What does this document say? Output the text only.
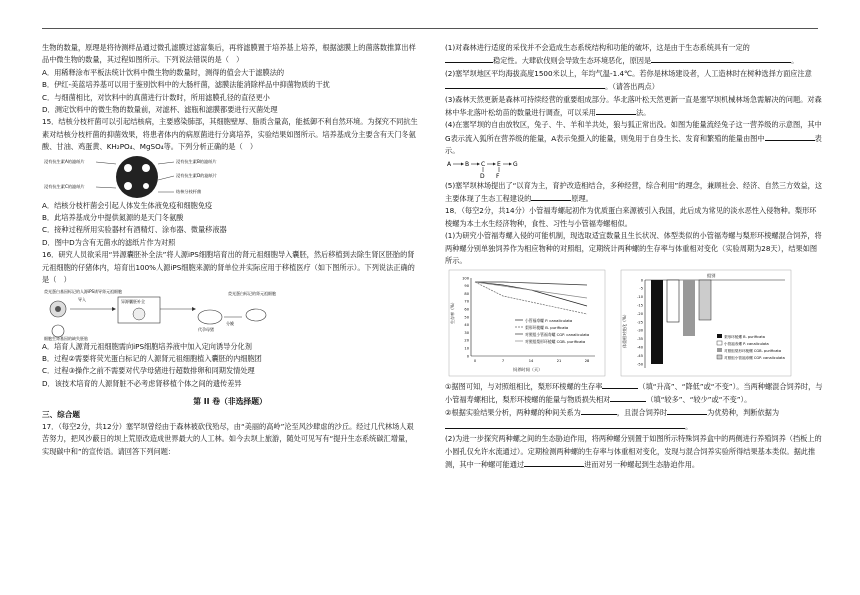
生物的数量，原理是将待测样品通过微孔滤膜过滤富集后，再将滤膜置于培养基上培养，根据滤膜上的菌落数推算出样品中微生物的数量，其过程如图所示。下列说法错误的是（　）

A．用稀释涂布平板法统计饮料中微生物的数量时，测得的值会大于滤膜法的

B．伊红-美蓝培养基可以用于鉴别饮料中的大肠杆菌，滤膜法能消除样品中抑菌物质的干扰

C．与细菌相比，对饮料中的真菌进行计数时，所用滤膜孔径的直径更小

D．测定饮料中的微生物的数量前，对滤杯、滤瓶和滤膜都要进行灭菌处理

15．结核分枝杆菌可以引起结核病，主要感染肺部，其细胞壁厚、脂质含量高，能抵御不利自然环境。为探究不同抗生素对结核分枝杆菌的抑菌效果，将患者体内的病原菌进行分离培养，实验结果如图所示。培养基成分主要含有天门冬氨酸、甘油、鸡蛋黄、KH₂PO₄、MgSO₄等。下列分析正确的是（　）

浸有抗生素A的滤纸片
浸有抗生素C的滤纸片
浸有抗生素B的滤纸片
浸有抗生素D的滤纸片
结核分枝杆菌

A．结核分枝杆菌会引起人体发生体液免疫和细胞免疫

B．此培养基成分中提供氮源的是天门冬氨酸

C．接种过程所用实验器材有酒精灯、涂布器、微量移液器

D．图中D为含有无菌水的滤纸片作为对照

16．研究人员欲采用“异源囊胚补全法”将人源iPS细胞培育出的肾元祖细胞导入囊胚，然后移植到去除生肾区胚胎的肾元祖细胞的仔猪体内，培育出100%人源iPS细胞来源的肾单位并实际应用于移植医疗（如下图所示）。下列说法正确的是（　）

荧光蛋白基因标记的人源iPS诱导肾元祖细胞
导入	异源囊胚补全
代孕母猪
荧光蛋白标记的肾元祖细胞
分娩
细胞生肾基因的缺失胚胎

A．培育人源肾元祖细胞需向iPS细胞培养液中加入定向诱导分化剂

B．过程②需要将荧光蛋白标记的人源肾元祖细胞植入囊胚的内细胞团

C．过程③操作之前不需要对代孕母猪进行超数排卵和同期发情处理

D．该技术培育的人源肾脏不必考虑肾移植个体之间的遗传差异

第 II 卷（非选择题）

三、综合题

17．（每空2分，共12分）塞罕坝曾经由于森林被砍伐殆尽，由“美丽的高岭”沦至风沙肆虐的沙丘。经过几代林场人艰苦努力，把风沙蔽日的坝上荒原改造成世界最大的人工林。如今去坝上旅游，随处可见写有“提升生态系统碳汇增量，实现碳中和”的宣传语。请回答下列问题：

(1)对森林进行适度的采伐并不会造成生态系统结构和功能的破坏，这是由于生态系统具有一定的

稳定性。大肆砍伐则会导致生态环境恶化，原因是	。

(2)塞罕坝地区平均海拔高度1500米以上，年均气温-1.4℃。若你是林场建设者，人工造林时在树种选择方面应注意。（请答出两点）

(3)森林天然更新是森林可持续经营的重要组成部分。华北落叶松天然更新一直是塞罕坝机械林场急需解决的问题。对森林中华北落叶松幼苗的数量进行调查，可以采用	法。

(4)在塞罕坝的自由放牧区，兔子、牛、羊和羊共处，狼与狐正常出没。如图为能量流经兔子这一营养级的示意图，其中G表示流入狐所在营养级的能量，A表示兔摄入的能量，则兔用于自身生长、发育和繁殖的能量由图中	表示。

A B C E G
D F

(5)塞罕坝林场提出了“以育为主，育护改造相结合，多种经营，综合利用”的理念，兼顾社会、经济、自然三方效益，这主要体现了生态工程建设的	原理。

18．（每空2分，共14分）小管福寿螺起初作为优质蛋白来源被引入我国，此后成为常见的淡水恶性入侵物种。梨形环棱螺为本土水生经济物种，食性、习性与小管福寿螺相似。

(1)为研究小管福寿螺入侵的可能机制，现选取适宜数量且生长状况、体型类似的小管福寿螺与梨形环棱螺混合饲养，将两种螺分别单独饲养作为相应物种的对照组，定期统计两种螺的生存率与体重相对变化（实验周期为28天），结果如图所示。

生存率（%）
饲养时间（天）
0
10
20
30
40
50
60
70
80
90
100
0	7	14	21	28
小管福寿螺 P. canaliculata
梨形环棱螺 B. purificata
对照组小管福寿螺 CGP. canaliculata
对照组梨形环棱螺 CGB. purificata
组别
体重相对变化（%）
0
-5
-10
-15
-20
-25
-30
-35
-40
-45
-50
梨形环棱螺 B. purificata
小管福寿螺 P. canaliculata
对照组梨形环棱螺 CGB. purificata
对照组小管福寿螺 CGP. canaliculata

①据图可知，与对照组相比，梨形环棱螺的生存率	（填“升高”、“降低”或“不变”）。当两种螺混合饲养时，与小管福寿螺相比，梨形环棱螺的能量与物质损失相对	（填“较多”、“较少”或“不变”）。

②根据实验结果分析，两种螺的种间关系为	，且混合饲养时	为优势种，判断依据为

。

(2)为进一步探究两种螺之间的生态胁迫作用，将两种螺分别置于如图所示特殊饲养盒中的两侧进行养殖饲养（挡板上的小圆孔仅允许水流通过）。定期检测两种螺的生存率与体重相对变化，发现与混合饲养实验所得结果基本类似。据此推测，其中一种螺可能通过	进而对另一种螺起到生态胁迫作用。
